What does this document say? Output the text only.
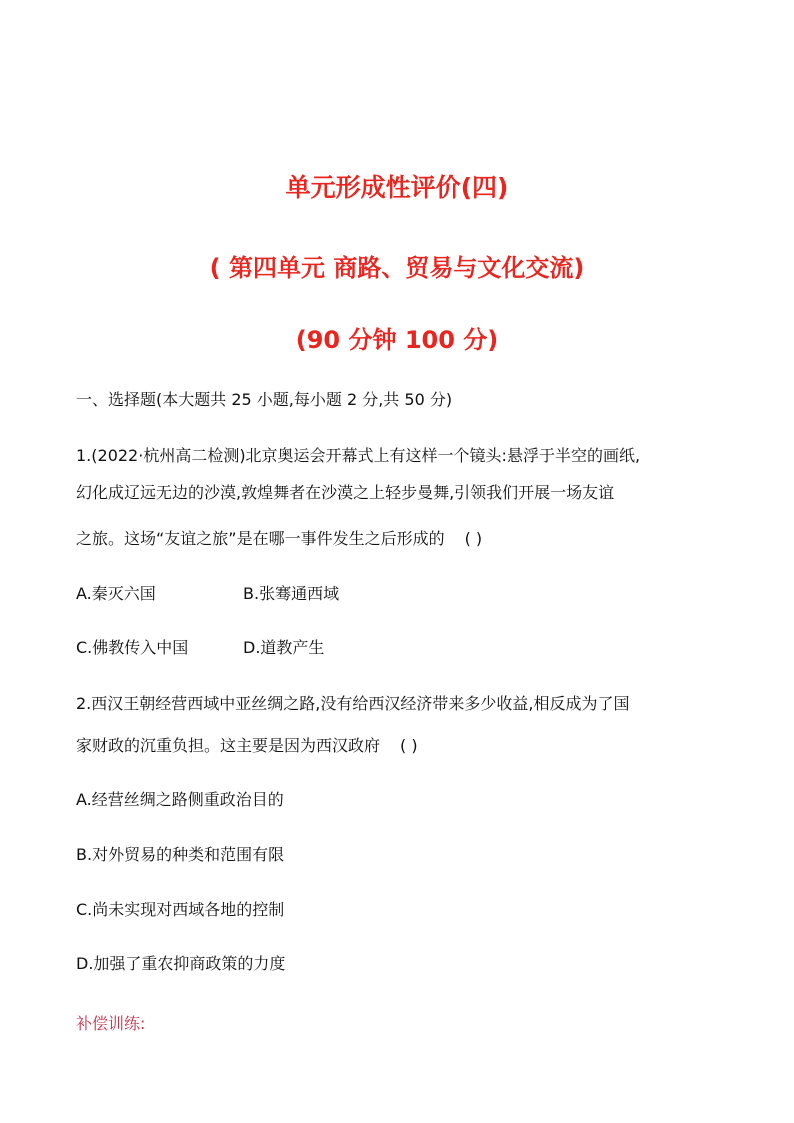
单元形成性评价(四)
( 第四单元 商路、贸易与文化交流)
(90 分钟 100 分)
一、选择题(本大题共 25 小题,每小题 2 分,共 50 分)
1.(2022·杭州高二检测)北京奥运会开幕式上有这样一个镜头:悬浮于半空的画纸,
幻化成辽远无边的沙漠,敦煌舞者在沙漠之上轻步曼舞,引领我们开展一场友谊
之旅。这场“友谊之旅”是在哪一事件发生之后形成的 ( )
A.秦灭六国	B.张骞通西域
C.佛教传入中国	D.道教产生
2.西汉王朝经营西域中亚丝绸之路,没有给西汉经济带来多少收益,相反成为了国
家财政的沉重负担。这主要是因为西汉政府 ( )
A.经营丝绸之路侧重政治目的
B.对外贸易的种类和范围有限
C.尚未实现对西域各地的控制
D.加强了重农抑商政策的力度
补偿训练:
